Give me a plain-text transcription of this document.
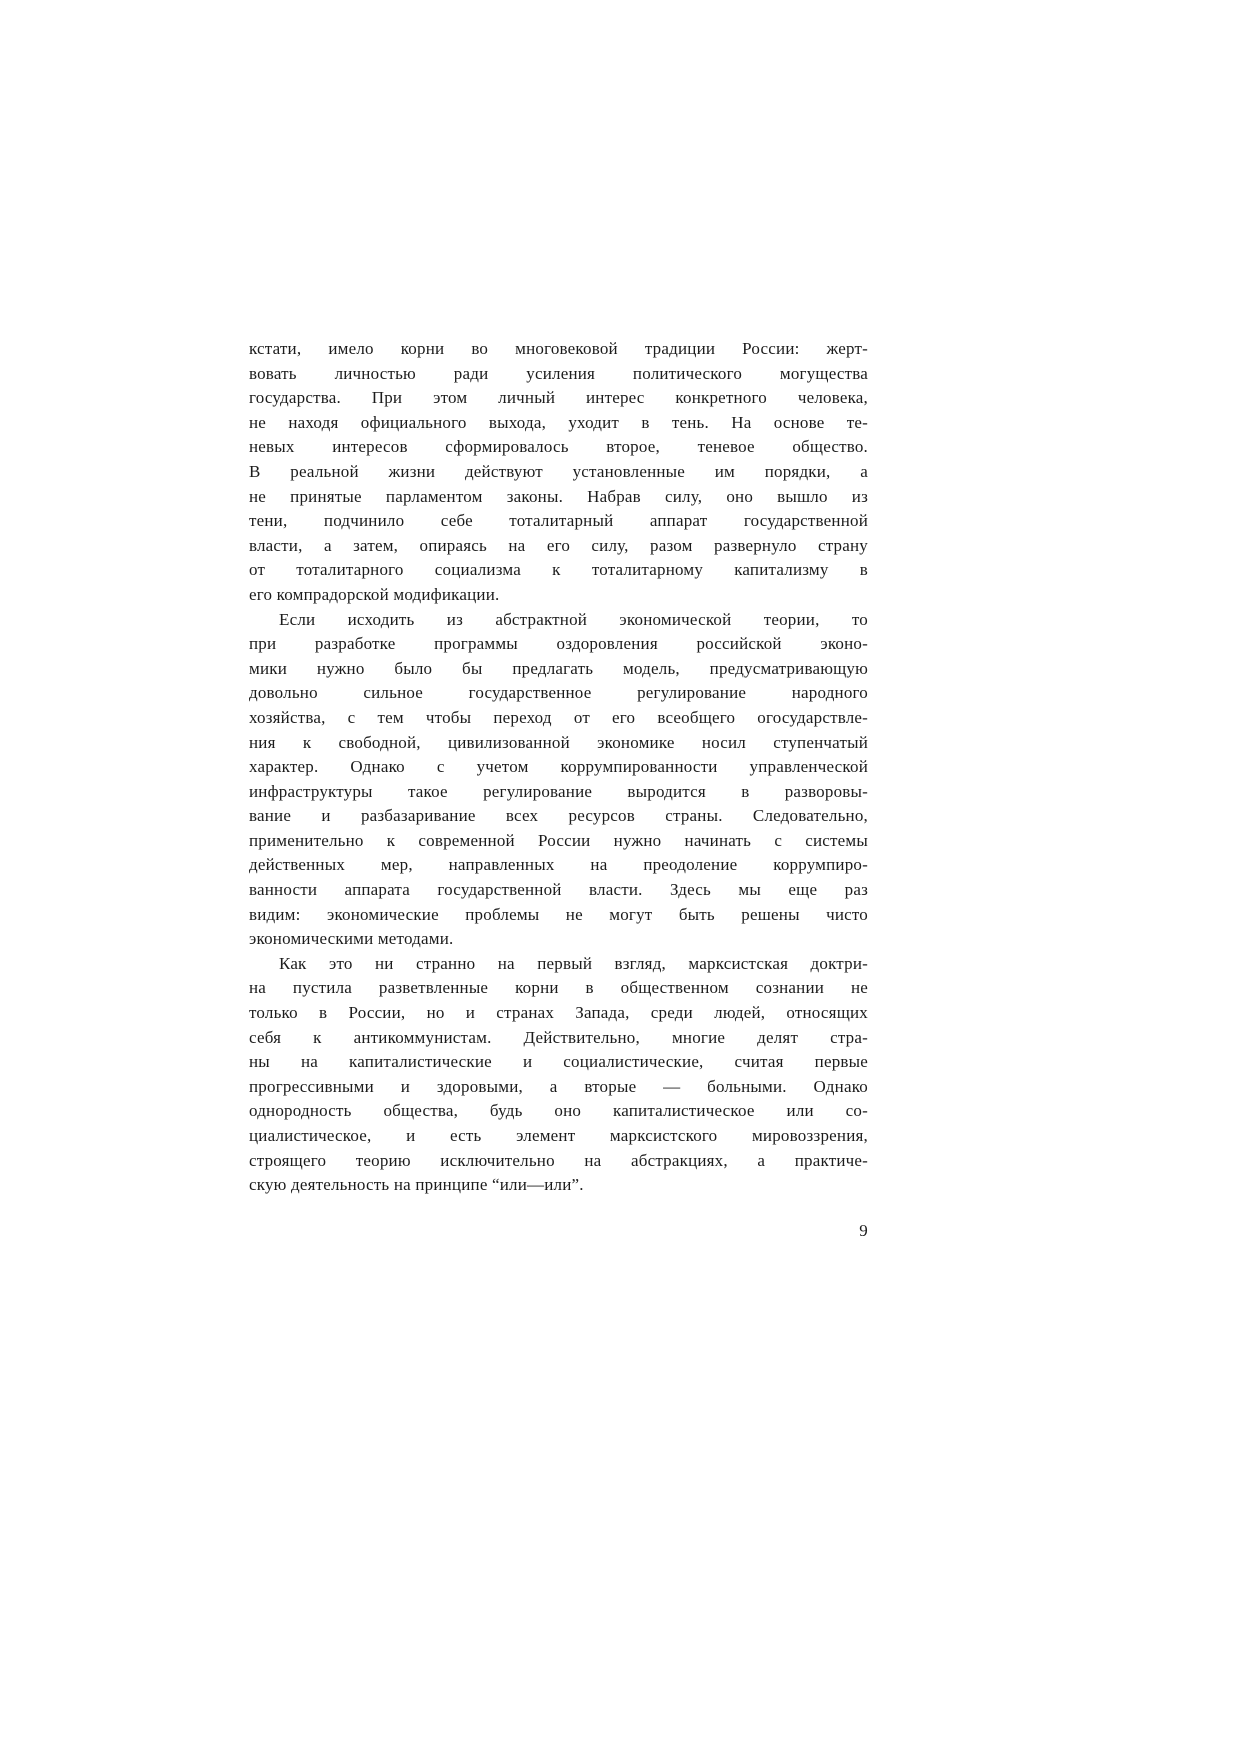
кстати, имело корни во многовековой традиции России: жерт-
вовать личностью ради усиления политического могущества
государства. При этом личный интерес конкретного человека,
не находя официального выхода, уходит в тень. На основе те-
невых интересов сформировалось второе, теневое общество.
В реальной жизни действуют установленные им порядки, а
не принятые парламентом законы. Набрав силу, оно вышло из
тени, подчинило себе тоталитарный аппарат государственной
власти, а затем, опираясь на его силу, разом развернуло страну
от тоталитарного социализма к тоталитарному капитализму в
его компрадорской модификации.
Если исходить из абстрактной экономической теории, то
при разработке программы оздоровления российской эконо-
мики нужно было бы предлагать модель, предусматривающую
довольно сильное государственное регулирование народного
хозяйства, с тем чтобы переход от его всеобщего огосударствле-
ния к свободной, цивилизованной экономике носил ступенчатый
характер. Однако с учетом коррумпированности управленческой
инфраструктуры такое регулирование выродится в разворовы-
вание и разбазаривание всех ресурсов страны. Следовательно,
применительно к современной России нужно начинать с системы
действенных мер, направленных на преодоление коррумпиро-
ванности аппарата государственной власти. Здесь мы еще раз
видим: экономические проблемы не могут быть решены чисто
экономическими методами.
Как это ни странно на первый взгляд, марксистская доктри-
на пустила разветвленные корни в общественном сознании не
только в России, но и странах Запада, среди людей, относящих
себя к антикоммунистам. Действительно, многие делят стра-
ны на капиталистические и социалистические, считая первые
прогрессивными и здоровыми, а вторые — больными. Однако
однородность общества, будь оно капиталистическое или со-
циалистическое, и есть элемент марксистского мировоззрения,
строящего теорию исключительно на абстракциях, а практиче-
скую деятельность на принципе “или—или”.
9
